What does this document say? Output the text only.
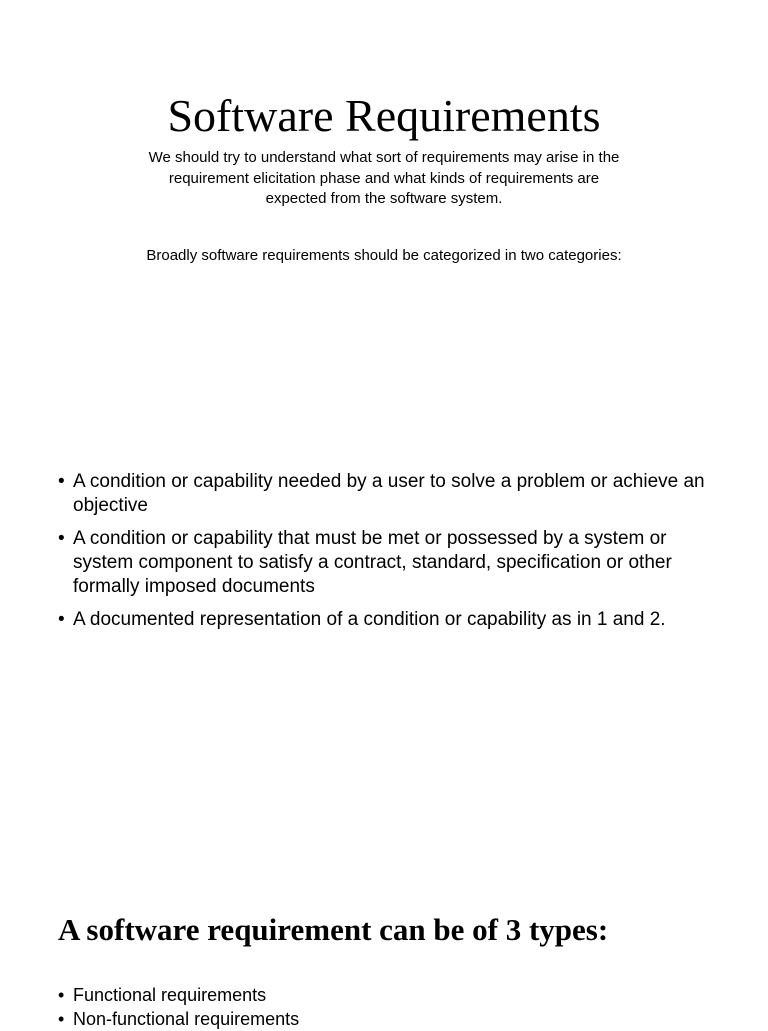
Software Requirements

We should try to understand what sort of requirements may arise in the
requirement elicitation phase and what kinds of requirements are
expected from the software system.

Broadly software requirements should be categorized in two categories:

• A condition or capability needed by a user to solve a problem or achieve an objective
• A condition or capability that must be met or possessed by a system or system component to satisfy a contract, standard, specification or other formally imposed documents
• A documented representation of a condition or capability as in 1 and 2.
A software requirement can be of 3 types:
• Functional requirements
• Non-functional requirements
